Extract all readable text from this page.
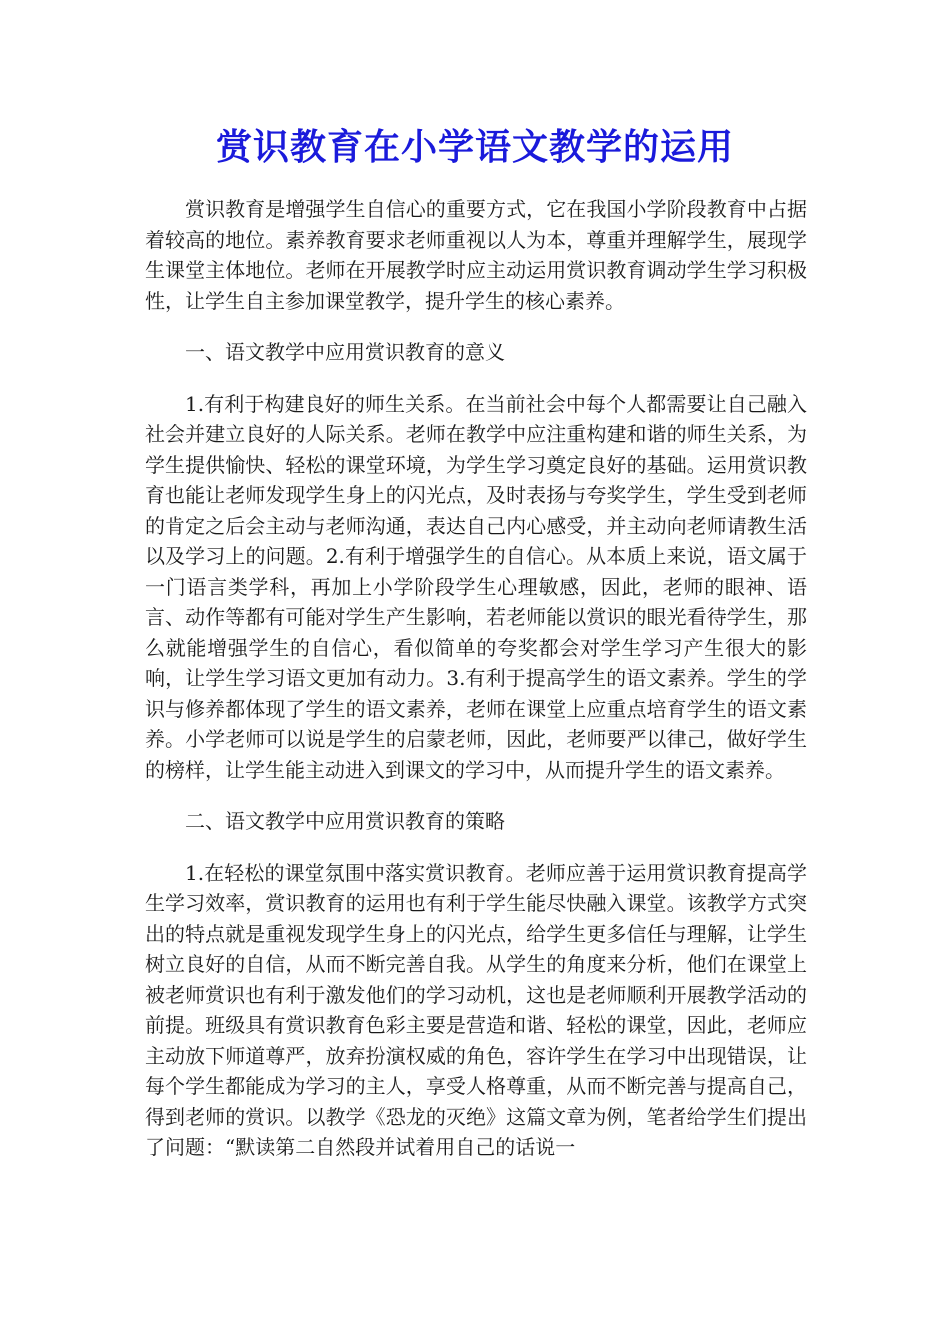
赏识教育在小学语文教学的运用

赏识教育是增强学生自信心的重要方式，它在我国小学阶段教育中占据着较高的地位。素养教育要求老师重视以人为本，尊重并理解学生，展现学生课堂主体地位。老师在开展教学时应主动运用赏识教育调动学生学习积极性，让学生自主参加课堂教学，提升学生的核心素养。

一、语文教学中应用赏识教育的意义

1.有利于构建良好的师生关系。在当前社会中每个人都需要让自己融入社会并建立良好的人际关系。老师在教学中应注重构建和谐的师生关系，为学生提供愉快、轻松的课堂环境，为学生学习奠定良好的基础。运用赏识教育也能让老师发现学生身上的闪光点，及时表扬与夸奖学生，学生受到老师的肯定之后会主动与老师沟通，表达自己内心感受，并主动向老师请教生活以及学习上的问题。2.有利于增强学生的自信心。从本质上来说，语文属于一门语言类学科，再加上小学阶段学生心理敏感，因此，老师的眼神、语言、动作等都有可能对学生产生影响，若老师能以赏识的眼光看待学生，那么就能增强学生的自信心，看似简单的夸奖都会对学生学习产生很大的影响，让学生学习语文更加有动力。3.有利于提高学生的语文素养。学生的学识与修养都体现了学生的语文素养，老师在课堂上应重点培育学生的语文素养。小学老师可以说是学生的启蒙老师，因此，老师要严以律己，做好学生的榜样，让学生能主动进入到课文的学习中，从而提升学生的语文素养。

二、语文教学中应用赏识教育的策略

1.在轻松的课堂氛围中落实赏识教育。老师应善于运用赏识教育提高学生学习效率，赏识教育的运用也有利于学生能尽快融入课堂。该教学方式突出的特点就是重视发现学生身上的闪光点，给学生更多信任与理解，让学生树立良好的自信，从而不断完善自我。从学生的角度来分析，他们在课堂上被老师赏识也有利于激发他们的学习动机，这也是老师顺利开展教学活动的前提。班级具有赏识教育色彩主要是营造和谐、轻松的课堂，因此，老师应主动放下师道尊严，放弃扮演权威的角色，容许学生在学习中出现错误，让每个学生都能成为学习的主人，享受人格尊重，从而不断完善与提高自己，得到老师的赏识。以教学《恐龙的灭绝》这篇文章为例，笔者给学生们提出了问题：“默读第二自然段并试着用自己的话说一
